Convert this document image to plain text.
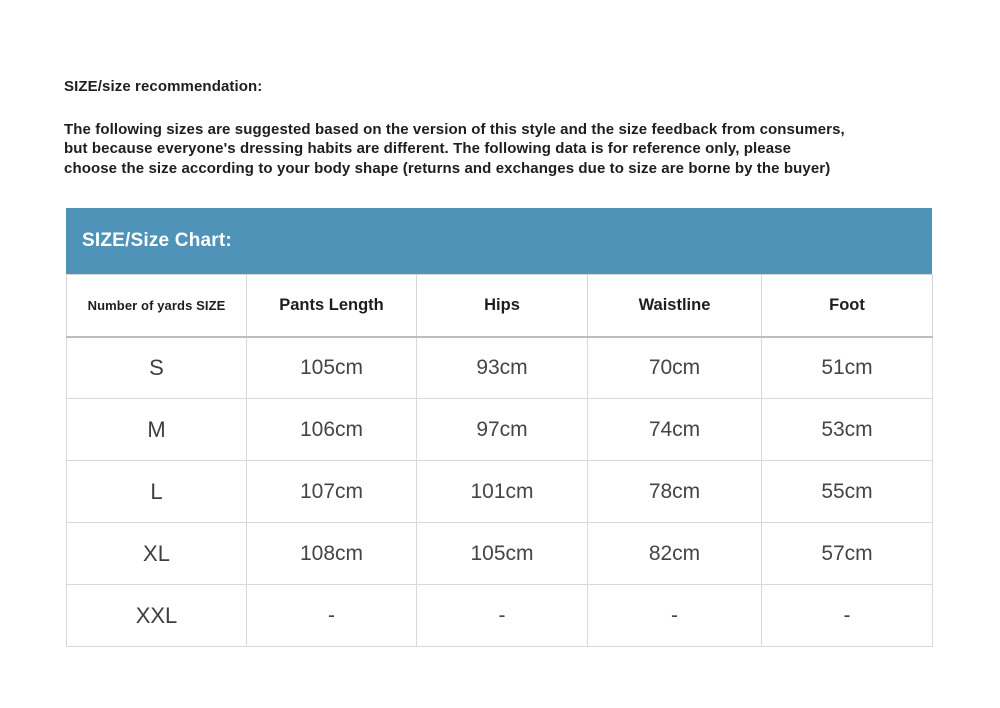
SIZE/size recommendation:
The following sizes are suggested based on the version of this style and the size feedback from consumers,
but because everyone's dressing habits are different. The following data is for reference only, please
choose the size according to your body shape (returns and exchanges due to size are borne by the buyer)
SIZE/Size Chart:
Number of yards SIZE	Pants Length	Hips	Waistline	Foot
S	105cm	93cm	70cm	51cm
M	106cm	97cm	74cm	53cm
L	107cm	101cm	78cm	55cm
XL	108cm	105cm	82cm	57cm
XXL	-	-	-	-
